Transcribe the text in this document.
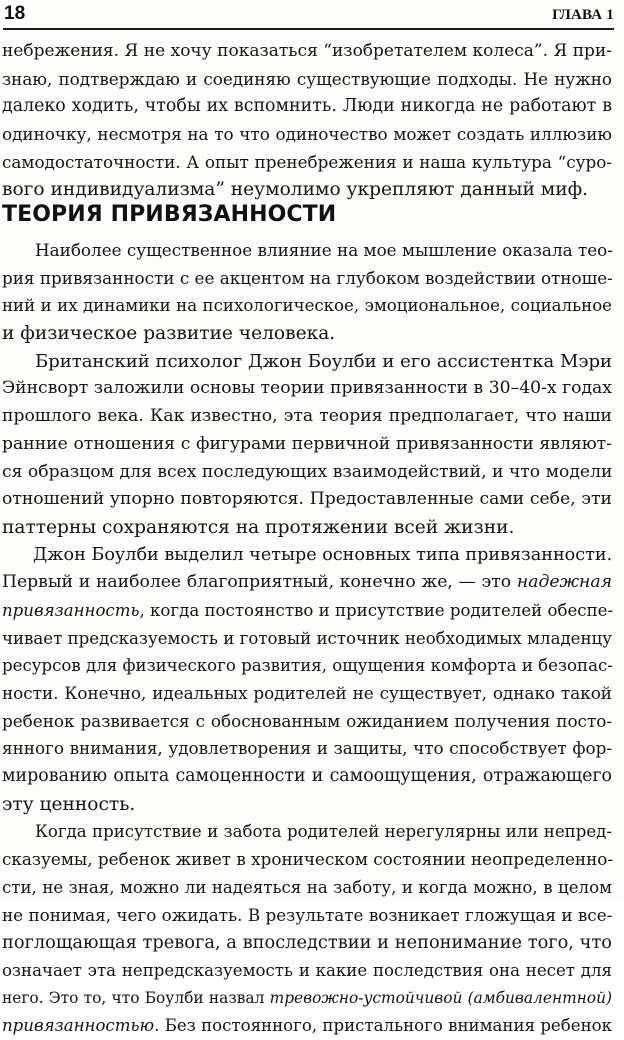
18	ГЛАВА 1
небрежения. Я не хочу показаться “изобретателем колеса”. Я при-
знаю, подтверждаю и соединяю существующие подходы. Не нужно
далеко ходить, чтобы их вспомнить. Люди никогда не работают в
одиночку, несмотря на то что одиночество может создать иллюзию
самодостаточности. А опыт пренебрежения и наша культура “суро-
вого индивидуализма” неумолимо укрепляют данный миф.
ТЕОРИЯ ПРИВЯЗАННОСТИ
Наиболее существенное влияние на мое мышление оказала тео-
рия привязанности с ее акцентом на глубоком воздействии отноше-
ний и их динамики на психологическое, эмоциональное, социальное
и физическое развитие человека.
Британский психолог Джон Боулби и его ассистентка Мэри
Эйнсворт заложили основы теории привязанности в 30–40-х годах
прошлого века. Как известно, эта теория предполагает, что наши
ранние отношения с фигурами первичной привязанности являют-
ся образцом для всех последующих взаимодействий, и что модели
отношений упорно повторяются. Предоставленные сами себе, эти
паттерны сохраняются на протяжении всей жизни.
Джон Боулби выделил четыре основных типа привязанности.
Первый и наиболее благоприятный, конечно же, — это надежная
привязанность, когда постоянство и присутствие родителей обеспе-
чивает предсказуемость и готовый источник необходимых младенцу
ресурсов для физического развития, ощущения комфорта и безопас-
ности. Конечно, идеальных родителей не существует, однако такой
ребенок развивается с обоснованным ожиданием получения посто-
янного внимания, удовлетворения и защиты, что способствует фор-
мированию опыта самоценности и самоощущения, отражающего
эту ценность.
Когда присутствие и забота родителей нерегулярны или непред-
сказуемы, ребенок живет в хроническом состоянии неопределенно-
сти, не зная, можно ли надеяться на заботу, и когда можно, в целом
не понимая, чего ожидать. В результате возникает гложущая и все-
поглощающая тревога, а впоследствии и непонимание того, что
означает эта непредсказуемость и какие последствия она несет для
него. Это то, что Боулби назвал тревожно-устойчивой (амбивалентной)
привязанностью. Без постоянного, пристального внимания ребенок
